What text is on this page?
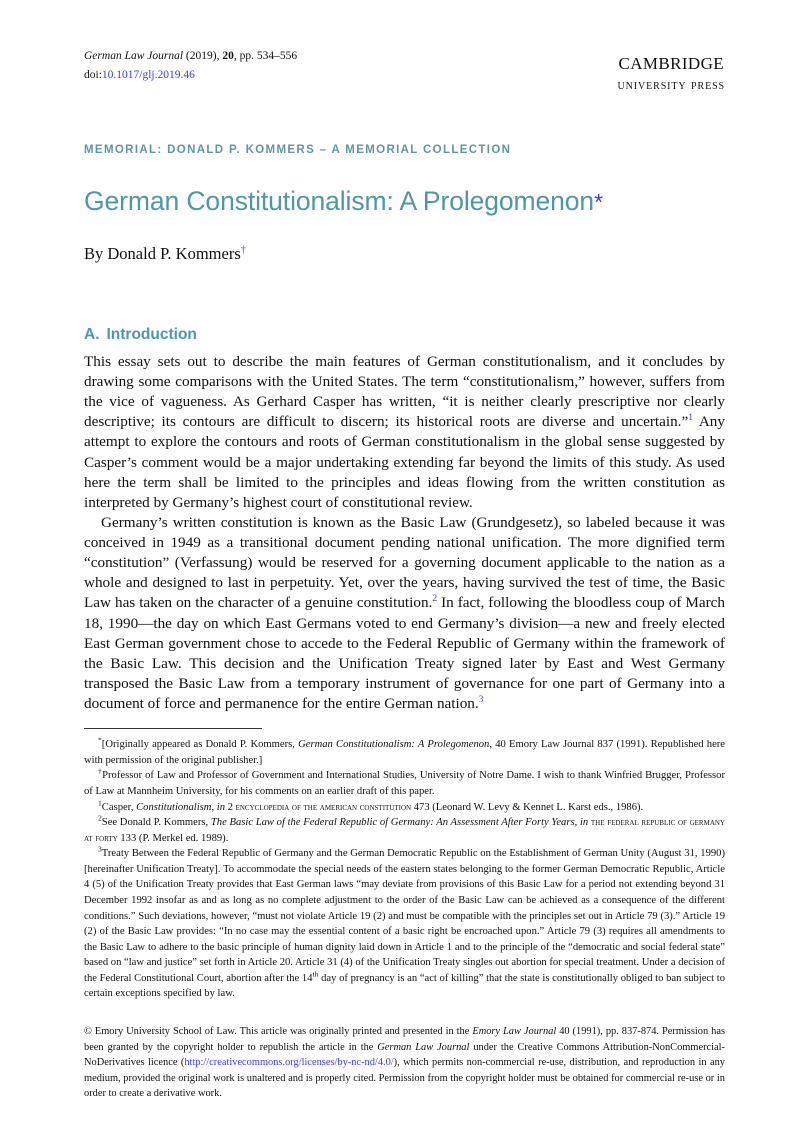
German Law Journal (2019), 20, pp. 534–556
doi:10.1017/glj.2019.46	cambridge
university press
MEMORIAL: DONALD P. KOMMERS – A MEMORIAL COLLECTION
German Constitutionalism: A Prolegomenon*
By Donald P. Kommers†
A. Introduction

This essay sets out to describe the main features of German constitutionalism, and it concludes by drawing some comparisons with the United States. The term “constitutionalism,” however, suffers from the vice of vagueness. As Gerhard Casper has written, “it is neither clearly prescriptive nor clearly descriptive; its contours are difficult to discern; its historical roots are diverse and uncertain.”$^1$ Any attempt to explore the contours and roots of German constitutionalism in the global sense suggested by Casper’s comment would be a major undertaking extending far beyond the limits of this study. As used here the term shall be limited to the principles and ideas flowing from the written constitution as interpreted by Germany’s highest court of constitutional review.

Germany’s written constitution is known as the Basic Law (Grundgesetz), so labeled because it was conceived in 1949 as a transitional document pending national unification. The more dignified term “constitution” (Verfassung) would be reserved for a governing document applicable to the nation as a whole and designed to last in perpetuity. Yet, over the years, having survived the test of time, the Basic Law has taken on the character of a genuine constitution.$^2$ In fact, following the bloodless coup of March 18, 1990—the day on which East Germans voted to end Germany’s division—a new and freely elected East German government chose to accede to the Federal Republic of Germany within the framework of the Basic Law. This decision and the Unification Treaty signed later by East and West Germany transposed the Basic Law from a temporary instrument of governance for one part of Germany into a document of force and permanence for the entire German nation.$^3$

*[Originally appeared as Donald P. Kommers, German Constitutionalism: A Prolegomenon, 40 Emory Law Journal 837 (1991). Republished here with permission of the original publisher.]

†Professor of Law and Professor of Government and International Studies, University of Notre Dame. I wish to thank Winfried Brugger, Professor of Law at Mannheim University, for his comments on an earlier draft of this paper.

$^1$Casper, Constitutionalism, in 2 encyclopedia of the american constitution 473 (Leonard W. Levy & Kennet L. Karst eds., 1986).

$^2$See Donald P. Kommers, The Basic Law of the Federal Republic of Germany: An Assessment After Forty Years, in the federal republic of germany at forty 133 (P. Merkel ed. 1989).

$^3$Treaty Between the Federal Republic of Germany and the German Democratic Republic on the Establishment of German Unity (August 31, 1990) [hereinafter Unification Treaty]. To accommodate the special needs of the eastern states belonging to the former German Democratic Republic, Article 4 (5) of the Unification Treaty provides that East German laws “may deviate from provisions of this Basic Law for a period not extending beyond 31 December 1992 insofar as and as long as no complete adjustment to the order of the Basic Law can be achieved as a consequence of the different conditions.” Such deviations, however, “must not violate Article 19 (2) and must be compatible with the principles set out in Article 79 (3).” Article 19 (2) of the Basic Law provides: “In no case may the essential content of a basic right be encroached upon.” Article 79 (3) requires all amendments to the Basic Law to adhere to the basic principle of human dignity laid down in Article 1 and to the principle of the “democratic and social federal state” based on “law and justice” set forth in Article 20. Article 31 (4) of the Unification Treaty singles out abortion for special treatment. Under a decision of the Federal Constitutional Court, abortion after the 14th day of pregnancy is an “act of killing” that the state is constitutionally obliged to ban subject to certain exceptions specified by law.

© Emory University School of Law. This article was originally printed and presented in the Emory Law Journal 40 (1991), pp. 837-874. Permission has been granted by the copyright holder to republish the article in the German Law Journal under the Creative Commons Attribution-NonCommercial-NoDerivatives licence (http://creativecommons.org/licenses/by-nc-nd/4.0/), which permits non-commercial re-use, distribution, and reproduction in any medium, provided the original work is unaltered and is properly cited. Permission from the copyright holder must be obtained for commercial re-use or in order to create a derivative work.
